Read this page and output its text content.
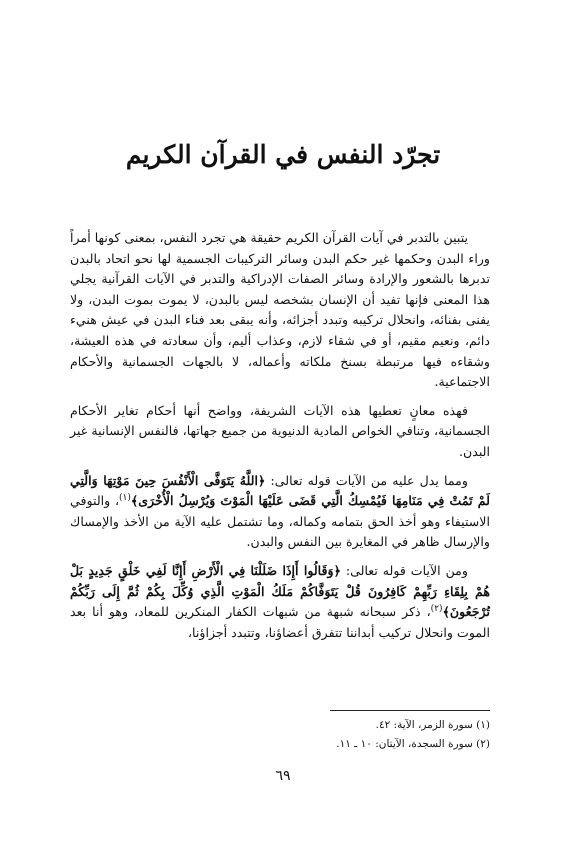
تجرّد النفس في القرآن الكريم

يتبين بالتدبر في آيات القرآن الكريم حقيقة هي تجرد النفس، بمعنى كونها أمراً وراء البدن وحكمها غير حكم البدن وسائر التركيبات الجسمية لها نحو اتحاد بالبدن تدبرها بالشعور والإرادة وسائر الصفات الإدراكية والتدبر في الآيات القرآنية يجلي هذا المعنى فإنها تفيد أن الإنسان بشخصه ليس بالبدن، لا يموت بموت البدن، ولا يفنى بفنائه، وانحلال تركيبه وتبدد أجزائه، وأنه يبقى بعد فناء البدن في عيش هنيء دائم، ونعيم مقيم، أو في شقاء لازم، وعذاب أليم، وأن سعادته في هذه العيشة، وشقاءه فيها مرتبطة بسنخ ملكاته وأعماله، لا بالجهات الجسمانية والأحكام الاجتماعية.

فهذه معانٍ تعطيها هذه الآيات الشريفة، وواضح أنها أحكام تغاير الأحكام الجسمانية، وتنافي الخواص المادية الدنيوية من جميع جهاتها، فالنفس الإنسانية غير البدن.

ومما يدل عليه من الآيات قوله تعالى: ﴿اللَّهُ يَتَوَفَّى الْأَنْفُسَ حِينَ مَوْتِهَا وَالَّتِي لَمْ تَمُتْ فِي مَنَامِهَا فَيُمْسِكُ الَّتِي قَضَى عَلَيْهَا الْمَوْتَ وَيُرْسِلُ الْأُخْرَى﴾$^{(١)}$، والتوفي الاستيفاء وهو أخذ الحق بتمامه وكماله، وما تشتمل عليه الآية من الأخذ والإمساك والإرسال ظاهر في المغايرة بين النفس والبدن.

ومن الآيات قوله تعالى: ﴿وَقَالُوا أَإِذَا ضَلَلْنَا فِي الْأَرْضِ أَإِنَّا لَفِي خَلْقٍ جَدِيدٍ بَلْ هُمْ بِلِقَاءِ رَبِّهِمْ كَافِرُونَ قُلْ يَتَوَفَّاكُمْ مَلَكُ الْمَوْتِ الَّذِي وُكِّلَ بِكُمْ ثُمَّ إِلَى رَبِّكُمْ تُرْجَعُونَ﴾$^{(٢)}$، ذكر سبحانه شبهة من شبهات الكفار المنكرين للمعاد، وهو أنا بعد الموت وانحلال تركيب أبداننا تتفرق أعضاؤنا، وتتبدد أجزاؤنا،

(١) سورة الزمر، الآية: ٤٢.
(٢) سورة السجدة، الآيتان: ١٠ ـ ١١.
٦٩
